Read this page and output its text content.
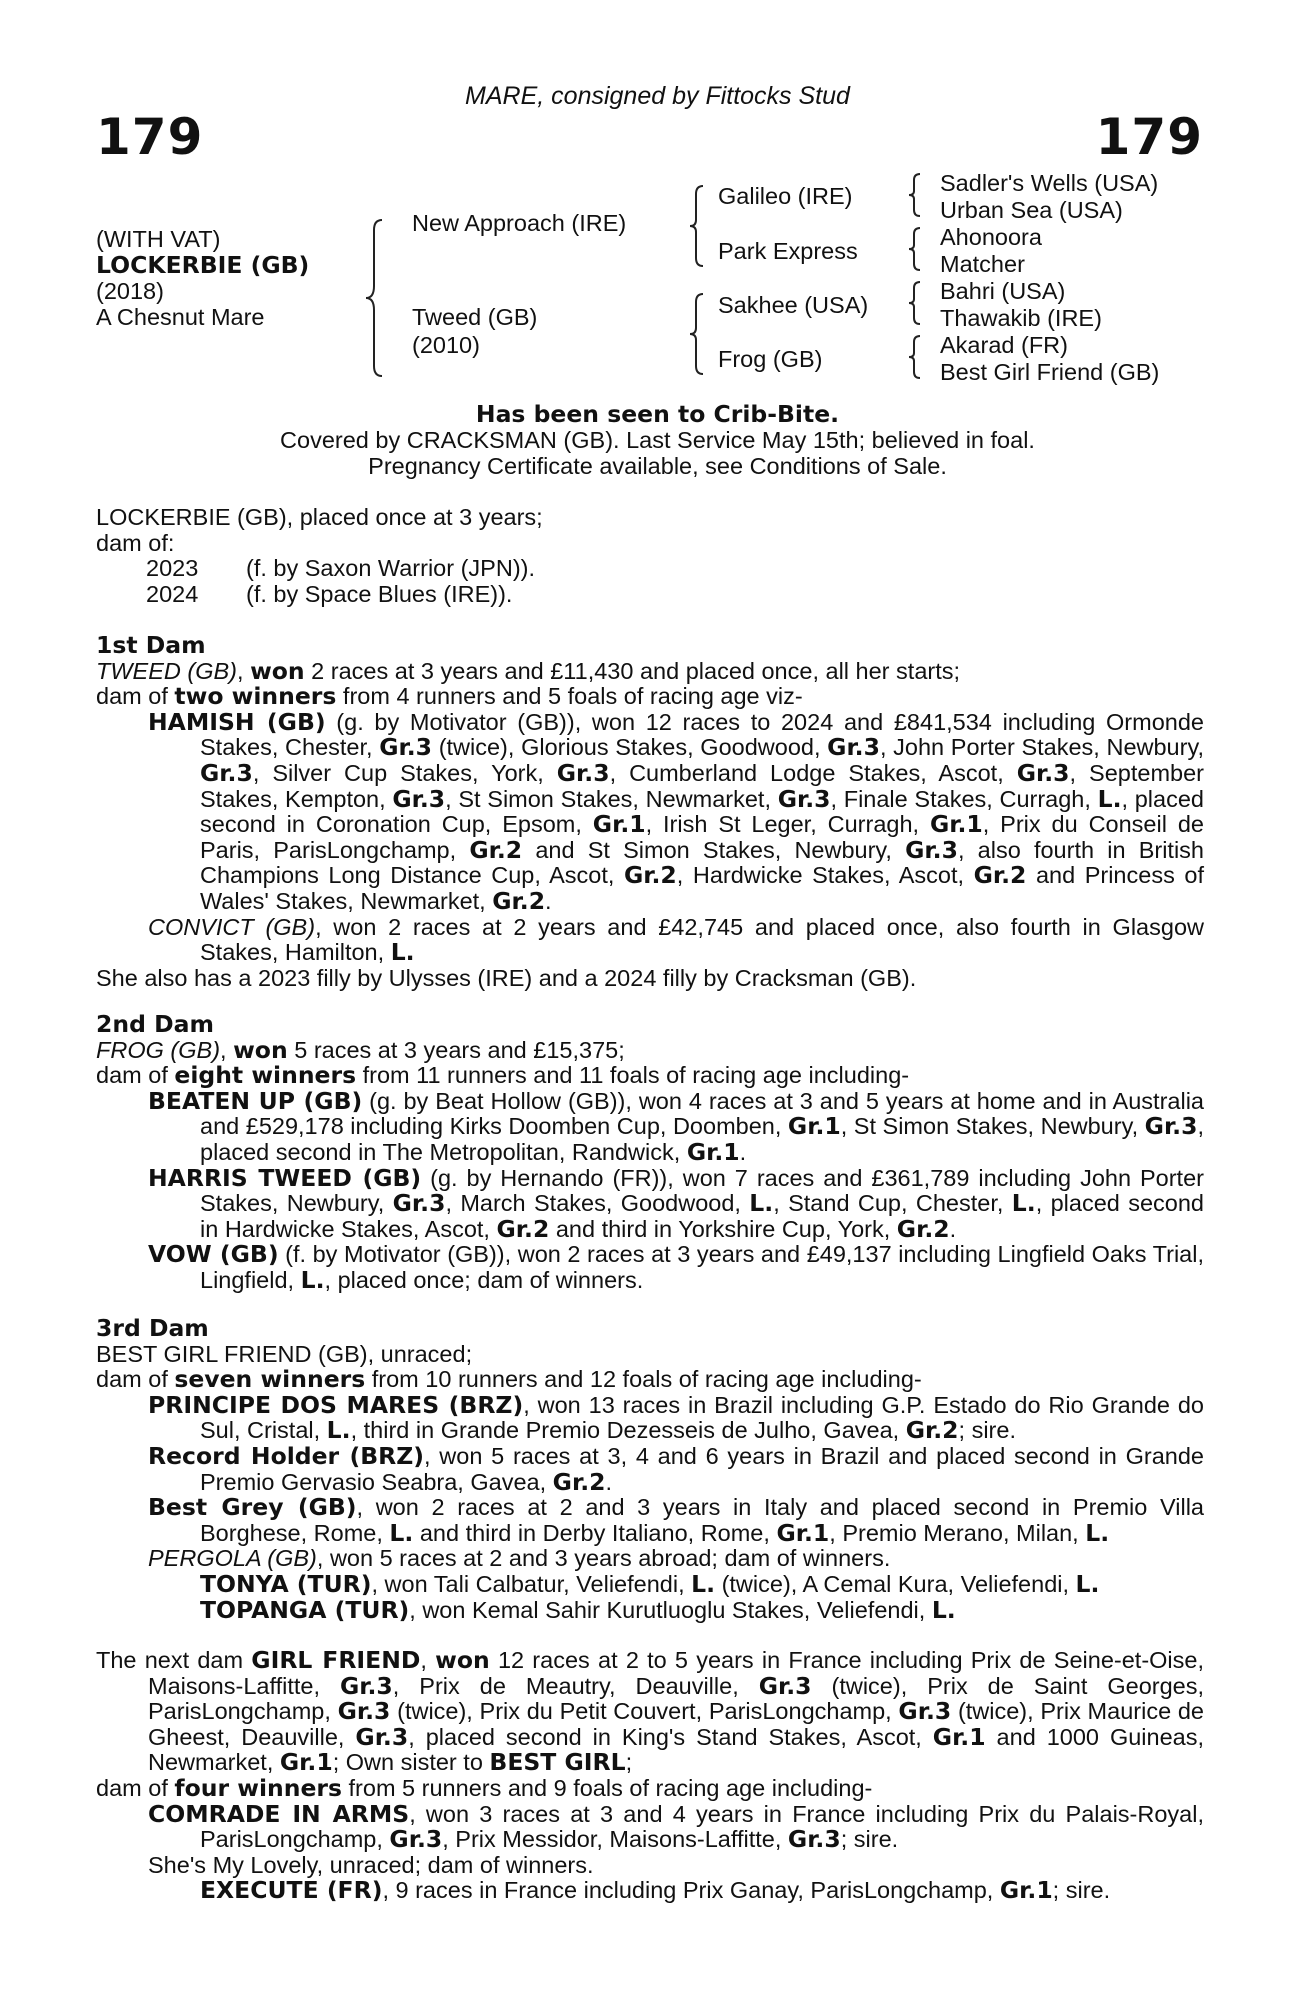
MARE, consigned by Fittocks Stud
179	179
(WITH VAT)
LOCKERBIE (GB)
(2018)
A Chesnut Mare
New Approach (IRE)
Tweed (GB)
(2010)
Galileo (IRE)
Park Express
Sakhee (USA)
Frog (GB)
Sadler's Wells (USA)
Urban Sea (USA)
Ahonoora
Matcher
Bahri (USA)
Thawakib (IRE)
Akarad (FR)
Best Girl Friend (GB)
Has been seen to Crib-Bite.
Covered by CRACKSMAN (GB). Last Service May 15th; believed in foal.
Pregnancy Certificate available, see Conditions of Sale.
LOCKERBIE (GB), placed once at 3 years;
dam of:
2023	(f. by Saxon Warrior (JPN)).
2024	(f. by Space Blues (IRE)).
1st Dam
TWEED (GB), won 2 races at 3 years and £11,430 and placed once, all her starts;
dam of two winners from 4 runners and 5 foals of racing age viz-
HAMISH (GB) (g. by Motivator (GB)), won 12 races to 2024 and £841,534 including Ormonde Stakes, Chester, Gr.3 (twice), Glorious Stakes, Goodwood, Gr.3, John Porter Stakes, Newbury, Gr.3, Silver Cup Stakes, York, Gr.3, Cumberland Lodge Stakes, Ascot, Gr.3, September Stakes, Kempton, Gr.3, St Simon Stakes, Newmarket, Gr.3, Finale Stakes, Curragh, L., placed second in Coronation Cup, Epsom, Gr.1, Irish St Leger, Curragh, Gr.1, Prix du Conseil de Paris, ParisLongchamp, Gr.2 and St Simon Stakes, Newbury, Gr.3, also fourth in British Champions Long Distance Cup, Ascot, Gr.2, Hardwicke Stakes, Ascot, Gr.2 and Princess of Wales' Stakes, Newmarket, Gr.2.
CONVICT (GB), won 2 races at 2 years and £42,745 and placed once, also fourth in Glasgow Stakes, Hamilton, L.
She also has a 2023 filly by Ulysses (IRE) and a 2024 filly by Cracksman (GB).
2nd Dam
FROG (GB), won 5 races at 3 years and £15,375;
dam of eight winners from 11 runners and 11 foals of racing age including-
BEATEN UP (GB) (g. by Beat Hollow (GB)), won 4 races at 3 and 5 years at home and in Australia and £529,178 including Kirks Doomben Cup, Doomben, Gr.1, St Simon Stakes, Newbury, Gr.3, placed second in The Metropolitan, Randwick, Gr.1.
HARRIS TWEED (GB) (g. by Hernando (FR)), won 7 races and £361,789 including John Porter Stakes, Newbury, Gr.3, March Stakes, Goodwood, L., Stand Cup, Chester, L., placed second in Hardwicke Stakes, Ascot, Gr.2 and third in Yorkshire Cup, York, Gr.2.
VOW (GB) (f. by Motivator (GB)), won 2 races at 3 years and £49,137 including Lingfield Oaks Trial, Lingfield, L., placed once; dam of winners.
3rd Dam
BEST GIRL FRIEND (GB), unraced;
dam of seven winners from 10 runners and 12 foals of racing age including-
PRINCIPE DOS MARES (BRZ), won 13 races in Brazil including G.P. Estado do Rio Grande do Sul, Cristal, L., third in Grande Premio Dezesseis de Julho, Gavea, Gr.2; sire.
Record Holder (BRZ), won 5 races at 3, 4 and 6 years in Brazil and placed second in Grande Premio Gervasio Seabra, Gavea, Gr.2.
Best Grey (GB), won 2 races at 2 and 3 years in Italy and placed second in Premio Villa Borghese, Rome, L. and third in Derby Italiano, Rome, Gr.1, Premio Merano, Milan, L.
PERGOLA (GB), won 5 races at 2 and 3 years abroad; dam of winners.
TONYA (TUR), won Tali Calbatur, Veliefendi, L. (twice), A Cemal Kura, Veliefendi, L.
TOPANGA (TUR), won Kemal Sahir Kurutluoglu Stakes, Veliefendi, L.
The next dam GIRL FRIEND, won 12 races at 2 to 5 years in France including Prix de Seine-et-Oise, Maisons-Laffitte, Gr.3, Prix de Meautry, Deauville, Gr.3 (twice), Prix de Saint Georges, ParisLongchamp, Gr.3 (twice), Prix du Petit Couvert, ParisLongchamp, Gr.3 (twice), Prix Maurice de Gheest, Deauville, Gr.3, placed second in King's Stand Stakes, Ascot, Gr.1 and 1000 Guineas, Newmarket, Gr.1; Own sister to BEST GIRL;
dam of four winners from 5 runners and 9 foals of racing age including-
COMRADE IN ARMS, won 3 races at 3 and 4 years in France including Prix du Palais-Royal, ParisLongchamp, Gr.3, Prix Messidor, Maisons-Laffitte, Gr.3; sire.
She's My Lovely, unraced; dam of winners.
EXECUTE (FR), 9 races in France including Prix Ganay, ParisLongchamp, Gr.1; sire.
